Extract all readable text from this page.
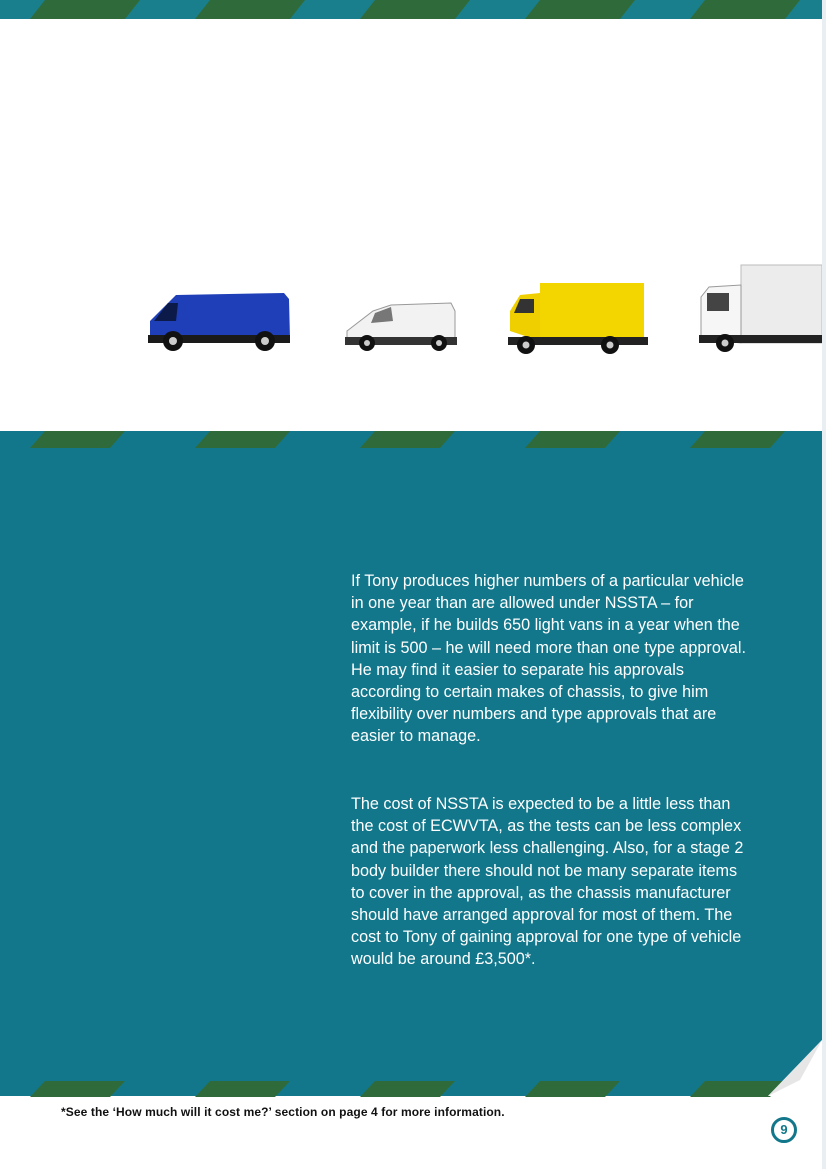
If Tony produces higher numbers of a particular vehicle in one year than are allowed under NSSTA – for example, if he builds 650 light vans in a year when the limit is 500 – he will need more than one type approval. He may find it easier to separate his approvals according to certain makes of chassis, to give him flexibility over numbers and type approvals that are easier to manage.

The cost of NSSTA is expected to be a little less than the cost of ECWVTA, as the tests can be less complex and the paperwork less challenging. Also, for a stage 2 body builder there should not be many separate items to cover in the approval, as the chassis manufacturer should have arranged approval for most of them. The cost to Tony of gaining approval for one type of vehicle would be around £3,500*.

*See the ‘How much will it cost me?’ section on page 4 for more information.
9
